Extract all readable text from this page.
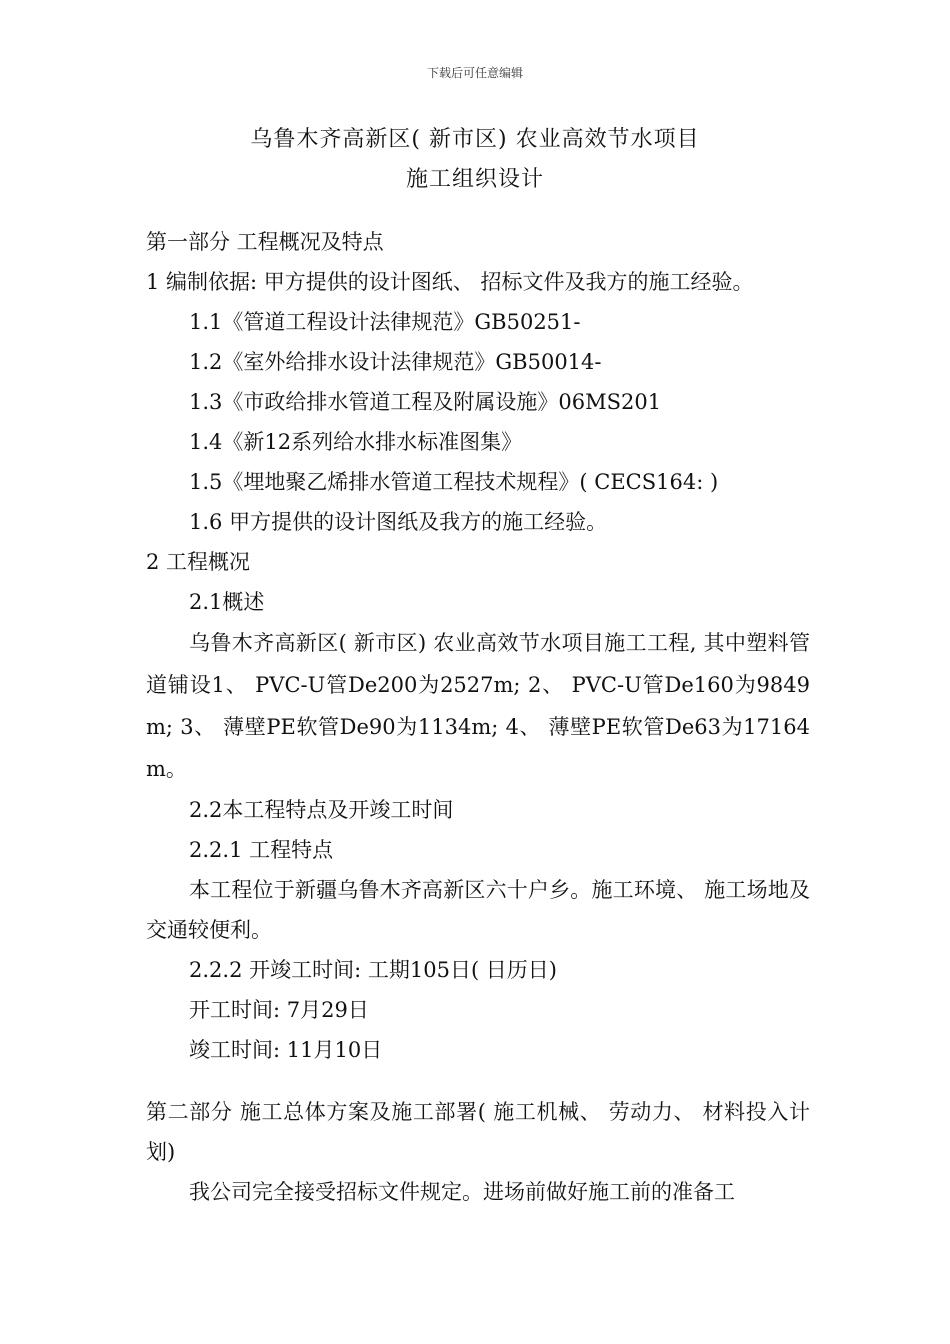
下载后可任意编辑
乌鲁木齐高新区( 新市区) 农业高效节水项目
施工组织设计
第一部分 工程概况及特点
1 编制依据: 甲方提供的设计图纸、 招标文件及我方的施工经验。
1.1《管道工程设计法律规范》GB50251-
1.2《室外给排水设计法律规范》GB50014-
1.3《市政给排水管道工程及附属设施》06MS201
1.4《新12系列给水排水标准图集》
1.5《埋地聚乙烯排水管道工程技术规程》( CECS164: )
1.6 甲方提供的设计图纸及我方的施工经验。
2 工程概况
2.1概述
乌鲁木齐高新区( 新市区) 农业高效节水项目施工工程, 其中塑料管道铺设1、 PVC-U管De200为2527m; 2、 PVC-U管De160为9849m; 3、 薄壁PE软管De90为1134m; 4、 薄壁PE软管De63为17164m。
2.2本工程特点及开竣工时间
2.2.1 工程特点
本工程位于新疆乌鲁木齐高新区六十户乡。施工环境、 施工场地及交通较便利。
2.2.2 开竣工时间: 工期105日( 日历日)
开工时间: 7月29日
竣工时间: 11月10日
第二部分 施工总体方案及施工部署( 施工机械、 劳动力、 材料投入计划)
我公司完全接受招标文件规定。进场前做好施工前的准备工
